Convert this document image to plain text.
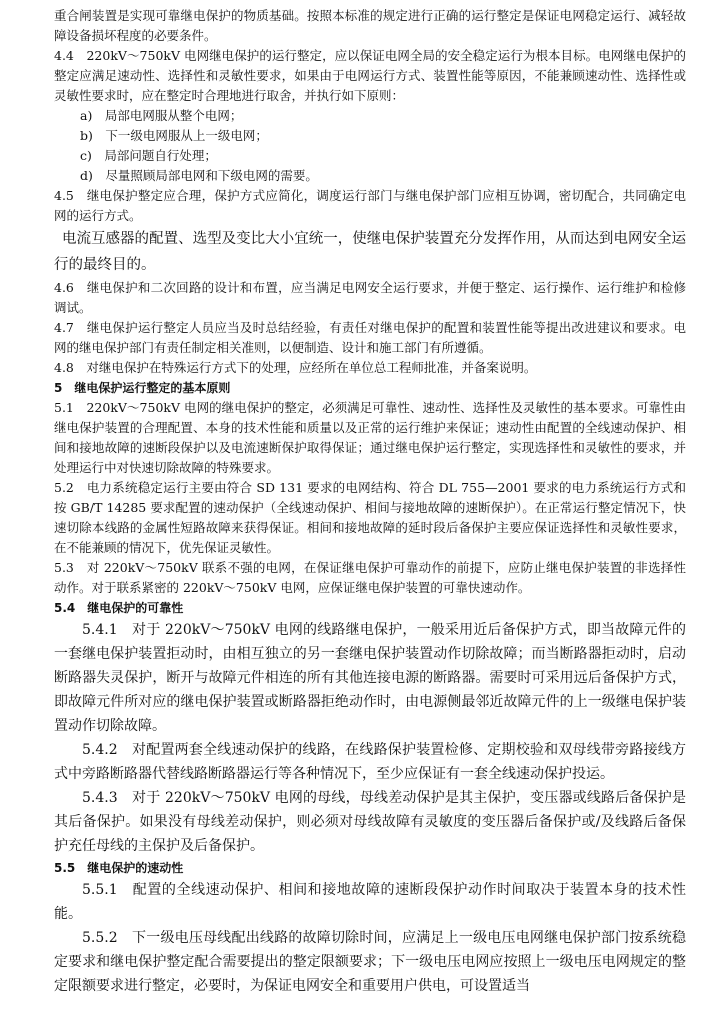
重合闸装置是实现可靠继电保护的物质基础。按照本标准的规定进行正确的运行整定是保证电网稳定运行、减轻故障设备损坏程度的必要条件。

4.4　220kV～750kV 电网继电保护的运行整定，应以保证电网全局的安全稳定运行为根本目标。电网继电保护的整定应满足速动性、选择性和灵敏性要求，如果由于电网运行方式、装置性能等原因，不能兼顾速动性、选择性或灵敏性要求时，应在整定时合理地进行取舍，并执行如下原则：

a)　局部电网服从整个电网；
b)　下一级电网服从上一级电网；
c)　局部问题自行处理；
d)　尽量照顾局部电网和下级电网的需要。

4.5　继电保护整定应合理，保护方式应简化，调度运行部门与继电保护部门应相互协调，密切配合，共同确定电网的运行方式。

电流互感器的配置、选型及变比大小宜统一，使继电保护装置充分发挥作用，从而达到电网安全运行的最终目的。

4.6　继电保护和二次回路的设计和布置，应当满足电网安全运行要求，并便于整定、运行操作、运行维护和检修调试。

4.7　继电保护运行整定人员应当及时总结经验，有责任对继电保护的配置和装置性能等提出改进建议和要求。电网的继电保护部门有责任制定相关准则，以便制造、设计和施工部门有所遵循。

4.8　对继电保护在特殊运行方式下的处理，应经所在单位总工程师批准，并备案说明。

5　继电保护运行整定的基本原则

5.1　220kV～750kV 电网的继电保护的整定，必须满足可靠性、速动性、选择性及灵敏性的基本要求。可靠性由继电保护装置的合理配置、本身的技术性能和质量以及正常的运行维护来保证；速动性由配置的全线速动保护、相间和接地故障的速断段保护以及电流速断保护取得保证；通过继电保护运行整定，实现选择性和灵敏性的要求，并处理运行中对快速切除故障的特殊要求。

5.2　电力系统稳定运行主要由符合 SD 131 要求的电网结构、符合 DL 755—2001 要求的电力系统运行方式和按 GB/T 14285 要求配置的速动保护（全线速动保护、相间与接地故障的速断保护）。在正常运行整定情况下，快速切除本线路的金属性短路故障来获得保证。相间和接地故障的延时段后备保护主要应保证选择性和灵敏性要求，在不能兼顾的情况下，优先保证灵敏性。

5.3　对 220kV～750kV 联系不强的电网，在保证继电保护可靠动作的前提下，应防止继电保护装置的非选择性动作。对于联系紧密的 220kV～750kV 电网，应保证继电保护装置的可靠快速动作。

5.4　继电保护的可靠性

5.4.1　对于 220kV～750kV 电网的线路继电保护，一般采用近后备保护方式，即当故障元件的一套继电保护装置拒动时，由相互独立的另一套继电保护装置动作切除故障；而当断路器拒动时，启动断路器失灵保护，断开与故障元件相连的所有其他连接电源的断路器。需要时可采用远后备保护方式，即故障元件所对应的继电保护装置或断路器拒绝动作时，由电源侧最邻近故障元件的上一级继电保护装置动作切除故障。

5.4.2　对配置两套全线速动保护的线路，在线路保护装置检修、定期校验和双母线带旁路接线方式中旁路断路器代替线路断路器运行等各种情况下，至少应保证有一套全线速动保护投运。

5.4.3　对于 220kV～750kV 电网的母线，母线差动保护是其主保护，变压器或线路后备保护是其后备保护。如果没有母线差动保护，则必须对母线故障有灵敏度的变压器后备保护或/及线路后备保护充任母线的主保护及后备保护。

5.5　继电保护的速动性

5.5.1　配置的全线速动保护、相间和接地故障的速断段保护动作时间取决于装置本身的技术性能。

5.5.2　下一级电压母线配出线路的故障切除时间，应满足上一级电压电网继电保护部门按系统稳定要求和继电保护整定配合需要提出的整定限额要求；下一级电压电网应按照上一级电压电网规定的整定限额要求进行整定，必要时，为保证电网安全和重要用户供电，可设置适当
